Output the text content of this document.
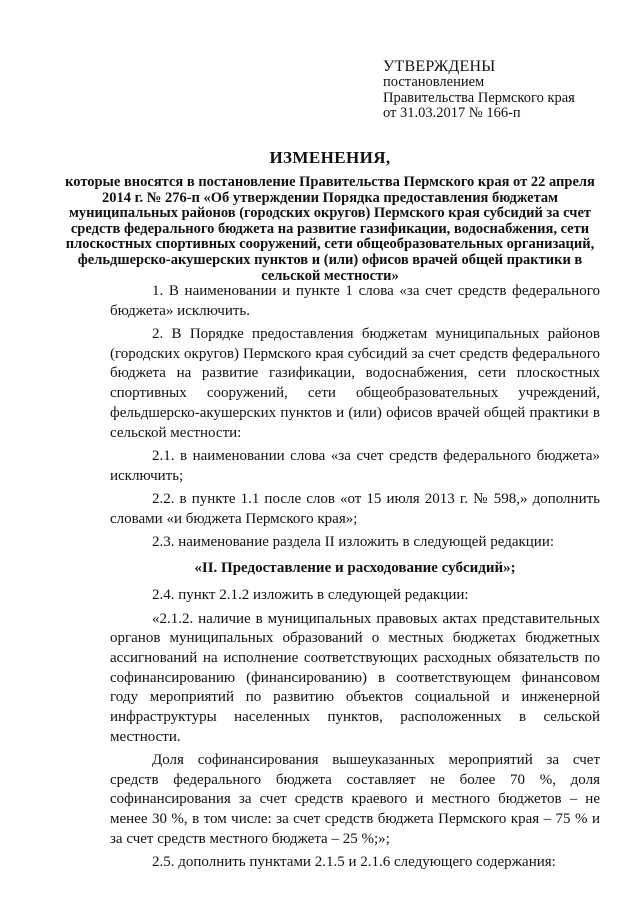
УТВЕРЖДЕНЫ
постановлением
Правительства Пермского края
от 31.03.2017 № 166-п
ИЗМЕНЕНИЯ,
которые вносятся в постановление Правительства Пермского края от 22 апреля 2014 г. № 276-п «Об утверждении Порядка предоставления бюджетам муниципальных районов (городских округов) Пермского края субсидий за счет средств федерального бюджета на развитие газификации, водоснабжения, сети плоскостных спортивных сооружений, сети общеобразовательных организаций, фельдшерско-акушерских пунктов и (или) офисов врачей общей практики в сельской местности»

1. В наименовании и пункте 1 слова «за счет средств федерального бюджета» исключить.

2. В Порядке предоставления бюджетам муниципальных районов (городских округов) Пермского края субсидий за счет средств федерального бюджета на развитие газификации, водоснабжения, сети плоскостных спортивных сооружений, сети общеобразовательных учреждений, фельдшерско-акушерских пунктов и (или) офисов врачей общей практики в сельской местности:

2.1. в наименовании слова «за счет средств федерального бюджета» исключить;

2.2. в пункте 1.1 после слов «от 15 июля 2013 г. № 598,» дополнить словами «и бюджета Пермского края»;

2.3. наименование раздела II изложить в следующей редакции:

«II. Предоставление и расходование субсидий»;

2.4. пункт 2.1.2 изложить в следующей редакции:

«2.1.2. наличие в муниципальных правовых актах представительных органов муниципальных образований о местных бюджетах бюджетных ассигнований на исполнение соответствующих расходных обязательств по софинансированию (финансированию) в соответствующем финансовом году мероприятий по развитию объектов социальной и инженерной инфраструктуры населенных пунктов, расположенных в сельской местности.

Доля софинансирования вышеуказанных мероприятий за счет средств федерального бюджета составляет не более 70 %, доля софинансирования за счет средств краевого и местного бюджетов – не менее 30 %, в том числе: за счет средств бюджета Пермского края – 75 % и за счет средств местного бюджета – 25 %;»;

2.5. дополнить пунктами 2.1.5 и 2.1.6 следующего содержания:
